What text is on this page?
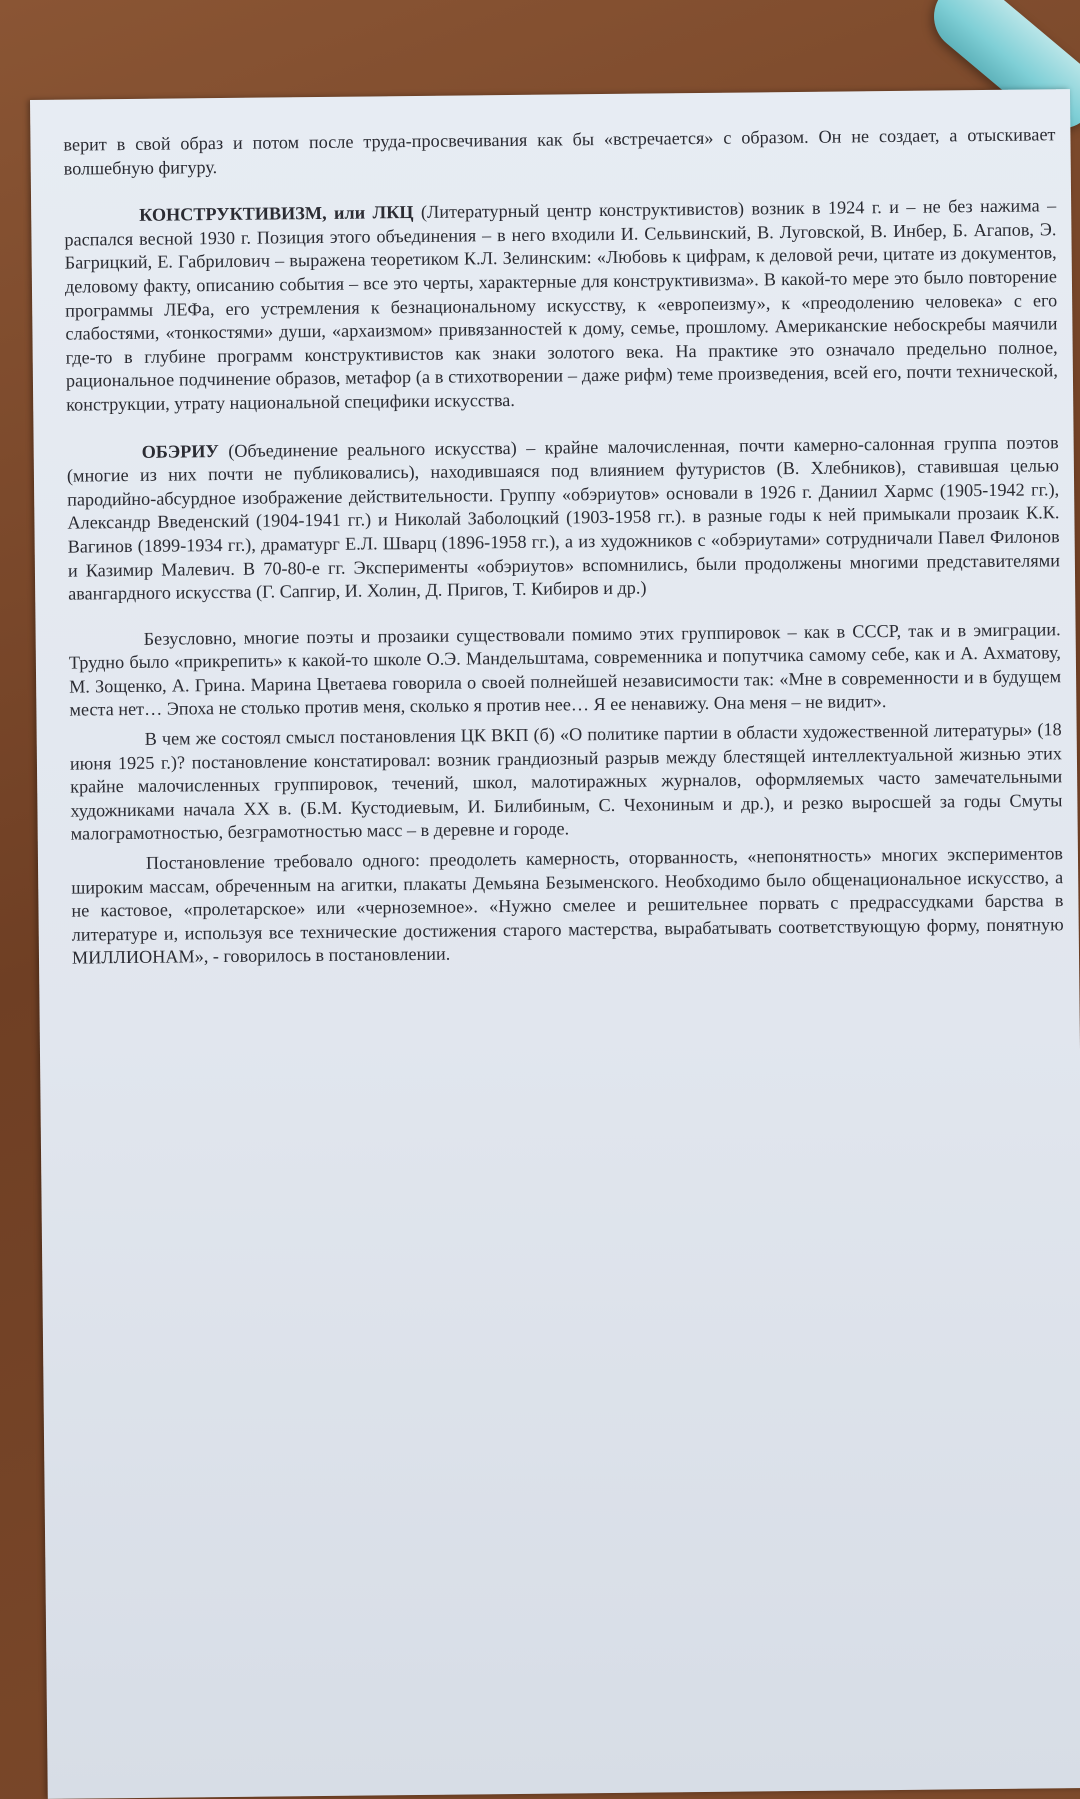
верит в свой образ и потом после труда-просвечивания как бы «встречается» с образом. Он не создает, а отыскивает волшебную фигуру.

КОНСТРУКТИВИЗМ, или ЛКЦ (Литературный центр конструктивистов) возник в 1924 г. и – не без нажима – распался весной 1930 г. Позиция этого объединения – в него входили И. Сельвинский, В. Луговской, В. Инбер, Б. Агапов, Э. Багрицкий, Е. Габрилович – выражена теоретиком К.Л. Зелинским: «Любовь к цифрам, к деловой речи, цитате из документов, деловому факту, описанию события – все это черты, характерные для конструктивизма». В какой-то мере это было повторение программы ЛЕФа, его устремления к безнациональному искусству, к «европеизму», к «преодолению человека» с его слабостями, «тонкостями» души, «архаизмом» привязанностей к дому, семье, прошлому. Американские небоскребы маячили где-то в глубине программ конструктивистов как знаки золотого века. На практике это означало предельно полное, рациональное подчинение образов, метафор (а в стихотворении – даже рифм) теме произведения, всей его, почти технической, конструкции, утрату национальной специфики искусства.

ОБЭРИУ (Объединение реального искусства) – крайне малочисленная, почти камерно-салонная группа поэтов (многие из них почти не публиковались), находившаяся под влиянием футуристов (В. Хлебников), ставившая целью пародийно-абсурдное изображение действительности. Группу «обэриутов» основали в 1926 г. Даниил Хармс (1905-1942 гг.), Александр Введенский (1904-1941 гг.) и Николай Заболоцкий (1903-1958 гг.). в разные годы к ней примыкали прозаик К.К. Вагинов (1899-1934 гг.), драматург Е.Л. Шварц (1896-1958 гг.), а из художников с «обэриутами» сотрудничали Павел Филонов и Казимир Малевич. В 70-80-е гг. Эксперименты «обэриутов» вспомнились, были продолжены многими представителями авангардного искусства (Г. Сапгир, И. Холин, Д. Пригов, Т. Кибиров и др.)

Безусловно, многие поэты и прозаики существовали помимо этих группировок – как в СССР, так и в эмиграции. Трудно было «прикрепить» к какой-то школе О.Э. Мандельштама, современника и попутчика самому себе, как и А. Ахматову, М. Зощенко, А. Грина. Марина Цветаева говорила о своей полнейшей независимости так: «Мне в современности и в будущем места нет… Эпоха не столько против меня, сколько я против нее… Я ее ненавижу. Она меня – не видит».

В чем же состоял смысл постановления ЦК ВКП (б) «О политике партии в области художественной литературы» (18 июня 1925 г.)? постановление констатировал: возник грандиозный разрыв между блестящей интеллектуальной жизнью этих крайне малочисленных группировок, течений, школ, малотиражных журналов, оформляемых часто замечательными художниками начала XX в. (Б.М. Кустодиевым, И. Билибиным, С. Чехониным и др.), и резко выросшей за годы Смуты малограмотностью, безграмотностью масс – в деревне и городе.

Постановление требовало одного: преодолеть камерность, оторванность, «непонятность» многих экспериментов широким массам, обреченным на агитки, плакаты Демьяна Безыменского. Необходимо было общенациональное искусство, а не кастовое, «пролетарское» или «черноземное». «Нужно смелее и решительнее порвать с предрассудками барства в литературе и, используя все технические достижения старого мастерства, вырабатывать соответствующую форму, понятную МИЛЛИОНАМ», - говорилось в постановлении.
